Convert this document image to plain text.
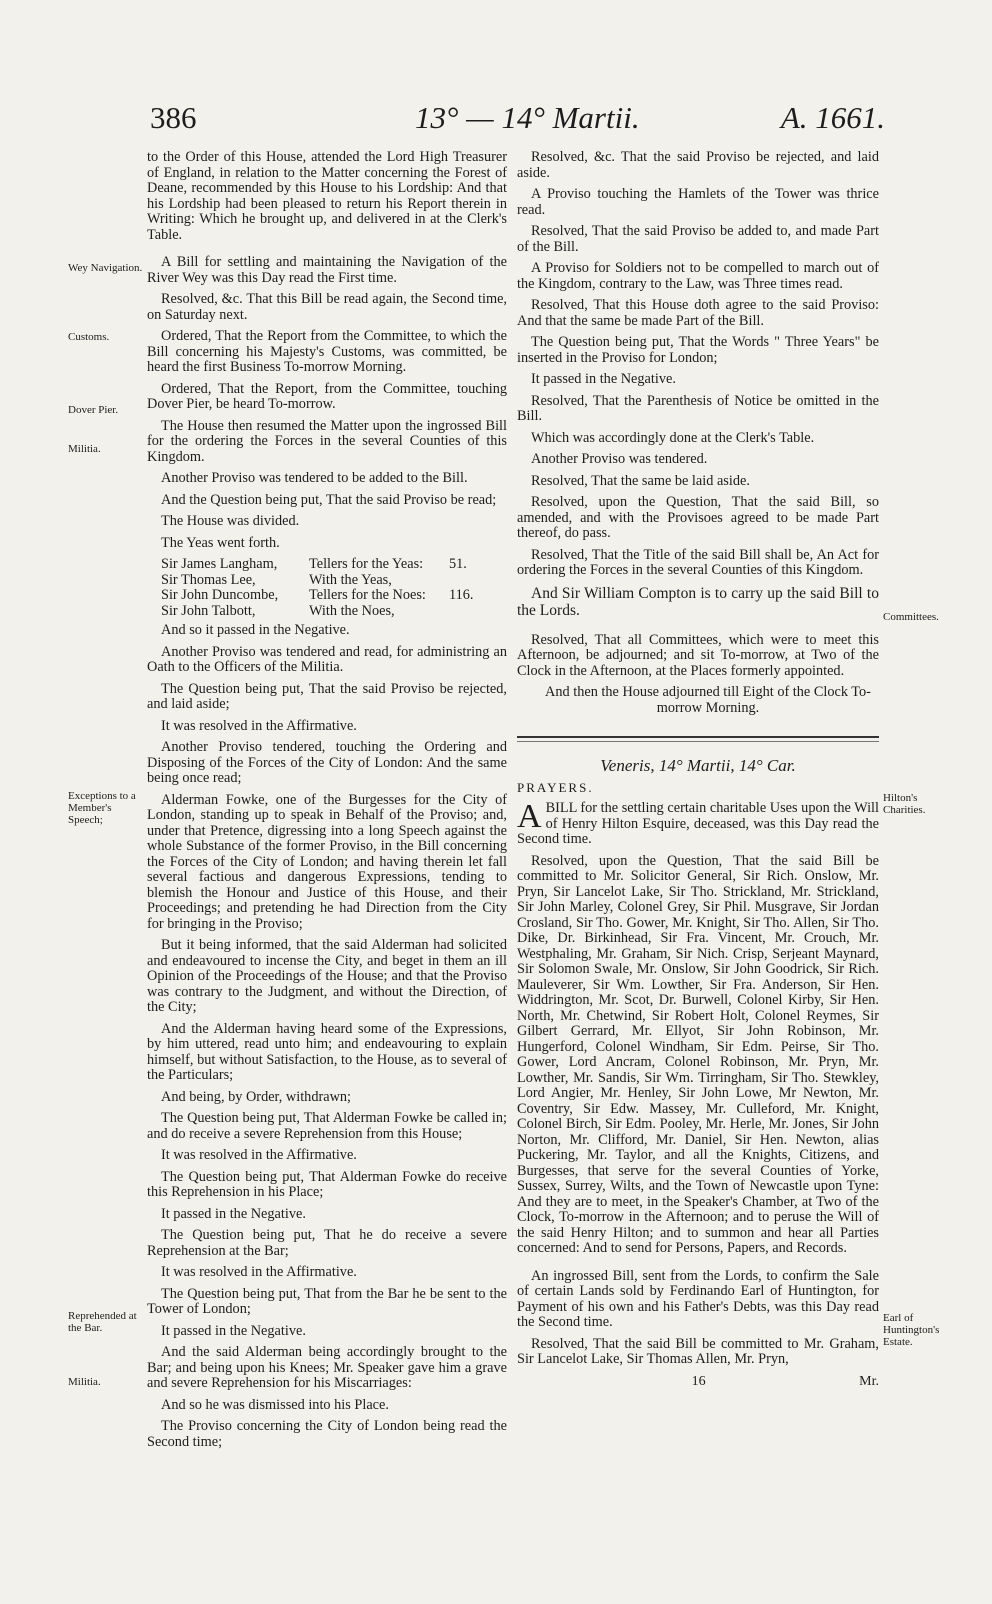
386	13° — 14° Martii.	A. 1661.
Wey Navigation.
Customs.
Dover Pier.
Militia.
Exceptions to a Member's Speech;
Reprehended at the Bar.
Militia.
Committees.
Hilton's Charities.
Earl of Huntington's Estate.

to the Order of this House, attended the Lord High Treasurer of England, in relation to the Matter concerning the Forest of Deane, recommended by this House to his Lordship: And that his Lordship had been pleased to return his Report therein in Writing: Which he brought up, and delivered in at the Clerk's Table.

A Bill for settling and maintaining the Navigation of the River Wey was this Day read the First time.

Resolved, &c. That this Bill be read again, the Second time, on Saturday next.

Ordered, That the Report from the Committee, to which the Bill concerning his Majesty's Customs, was committed, be heard the first Business To-morrow Morning.

Ordered, That the Report, from the Committee, touching Dover Pier, be heard To-morrow.

The House then resumed the Matter upon the ingrossed Bill for the ordering the Forces in the several Counties of this Kingdom.

Another Proviso was tendered to be added to the Bill.

And the Question being put, That the said Proviso be read;

The House was divided.

The Yeas went forth.

Sir James Langham,	Tellers for the Yeas:	51.
Sir Thomas Lee,	With the Yeas,
Sir John Duncombe,	Tellers for the Noes:	116.
Sir John Talbott,	With the Noes,

And so it passed in the Negative.

Another Proviso was tendered and read, for administring an Oath to the Officers of the Militia.

The Question being put, That the said Proviso be rejected, and laid aside;

It was resolved in the Affirmative.

Another Proviso tendered, touching the Ordering and Disposing of the Forces of the City of London: And the same being once read;

Alderman Fowke, one of the Burgesses for the City of London, standing up to speak in Behalf of the Proviso; and, under that Pretence, digressing into a long Speech against the whole Substance of the former Proviso, in the Bill concerning the Forces of the City of London; and having therein let fall several factious and dangerous Expressions, tending to blemish the Honour and Justice of this House, and their Proceedings; and pretending he had Direction from the City for bringing in the Proviso;

But it being informed, that the said Alderman had solicited and endeavoured to incense the City, and beget in them an ill Opinion of the Proceedings of the House; and that the Proviso was contrary to the Judgment, and without the Direction, of the City;

And the Alderman having heard some of the Expressions, by him uttered, read unto him; and endeavouring to explain himself, but without Satisfaction, to the House, as to several of the Particulars;

And being, by Order, withdrawn;

The Question being put, That Alderman Fowke be called in; and do receive a severe Reprehension from this House;

It was resolved in the Affirmative.

The Question being put, That Alderman Fowke do receive this Reprehension in his Place;

It passed in the Negative.

The Question being put, That he do receive a severe Reprehension at the Bar;

It was resolved in the Affirmative.

The Question being put, That from the Bar he be sent to the Tower of London;

It passed in the Negative.

And the said Alderman being accordingly brought to the Bar; and being upon his Knees; Mr. Speaker gave him a grave and severe Reprehension for his Miscarriages:

And so he was dismissed into his Place.

The Proviso concerning the City of London being read the Second time;

Resolved, &c. That the said Proviso be rejected, and laid aside.

A Proviso touching the Hamlets of the Tower was thrice read.

Resolved, That the said Proviso be added to, and made Part of the Bill.

A Proviso for Soldiers not to be compelled to march out of the Kingdom, contrary to the Law, was Three times read.

Resolved, That this House doth agree to the said Proviso: And that the same be made Part of the Bill.

The Question being put, That the Words " Three Years" be inserted in the Proviso for London;

It passed in the Negative.

Resolved, That the Parenthesis of Notice be omitted in the Bill.

Which was accordingly done at the Clerk's Table.

Another Proviso was tendered.

Resolved, That the same be laid aside.

Resolved, upon the Question, That the said Bill, so amended, and with the Provisoes agreed to be made Part thereof, do pass.

Resolved, That the Title of the said Bill shall be, An Act for ordering the Forces in the several Counties of this Kingdom.

And Sir William Compton is to carry up the said Bill to the Lords.

Resolved, That all Committees, which were to meet this Afternoon, be adjourned; and sit To-morrow, at Two of the Clock in the Afternoon, at the Places formerly appointed.

And then the House adjourned till Eight of the Clock To-morrow Morning.

Veneris, 14° Martii, 14° Car.

PRAYERS.

ABILL for the settling certain charitable Uses upon the Will of Henry Hilton Esquire, deceased, was this Day read the Second time.

Resolved, upon the Question, That the said Bill be committed to Mr. Solicitor General, Sir Rich. Onslow, Mr. Pryn, Sir Lancelot Lake, Sir Tho. Strickland, Mr. Strickland, Sir John Marley, Colonel Grey, Sir Phil. Musgrave, Sir Jordan Crosland, Sir Tho. Gower, Mr. Knight, Sir Tho. Allen, Sir Tho. Dike, Dr. Birkinhead, Sir Fra. Vincent, Mr. Crouch, Mr. Westphaling, Mr. Graham, Sir Nich. Crisp, Serjeant Maynard, Sir Solomon Swale, Mr. Onslow, Sir John Goodrick, Sir Rich. Mauleverer, Sir Wm. Lowther, Sir Fra. Anderson, Sir Hen. Widdrington, Mr. Scot, Dr. Burwell, Colonel Kirby, Sir Hen. North, Mr. Chetwind, Sir Robert Holt, Colonel Reymes, Sir Gilbert Gerrard, Mr. Ellyot, Sir John Robinson, Mr. Hungerford, Colonel Windham, Sir Edm. Peirse, Sir Tho. Gower, Lord Ancram, Colonel Robinson, Mr. Pryn, Mr. Lowther, Mr. Sandis, Sir Wm. Tirringham, Sir Tho. Stewkley, Lord Angier, Mr. Henley, Sir John Lowe, Mr Newton, Mr. Coventry, Sir Edw. Massey, Mr. Culleford, Mr. Knight, Colonel Birch, Sir Edm. Pooley, Mr. Herle, Mr. Jones, Sir John Norton, Mr. Clifford, Mr. Daniel, Sir Hen. Newton, alias Puckering, Mr. Taylor, and all the Knights, Citizens, and Burgesses, that serve for the several Counties of Yorke, Sussex, Surrey, Wilts, and the Town of Newcastle upon Tyne: And they are to meet, in the Speaker's Chamber, at Two of the Clock, To-morrow in the Afternoon; and to peruse the Will of the said Henry Hilton; and to summon and hear all Parties concerned: And to send for Persons, Papers, and Records.

An ingrossed Bill, sent from the Lords, to confirm the Sale of certain Lands sold by Ferdinando Earl of Huntington, for Payment of his own and his Father's Debts, was this Day read the Second time.

Resolved, That the said Bill be committed to Mr. Graham, Sir Lancelot Lake, Sir Thomas Allen, Mr. Pryn,

16	Mr.
